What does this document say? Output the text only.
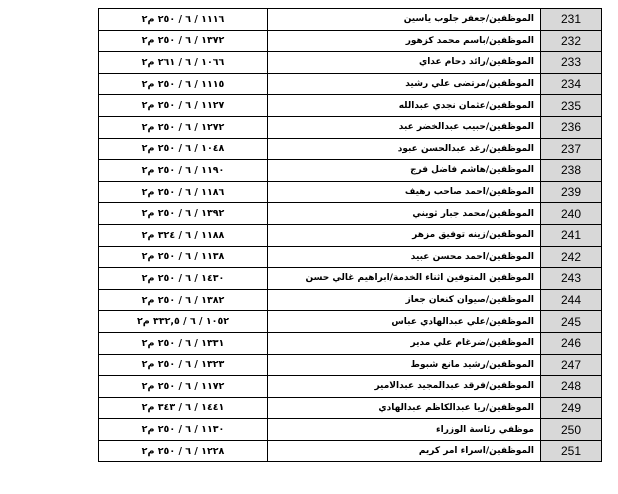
231	الموظفين/جعفر جلوب ياسين	١١١٦ / ٦ / ٢٥٠ م٢
232	الموظفين/باسم محمد كزهور	١٣٧٢ / ٦ / ٢٥٠ م٢
233	الموظفين/رائد دحام عداي	١٠٦٦ / ٦ / ٢٦١ م٢
234	الموظفين/مرتضى علي رشيد	١١١٥ / ٦ / ٢٥٠ م٢
235	الموظفين/عثمان نجدي عبدالله	١١٢٧ / ٦ / ٢٥٠ م٢
236	الموظفين/حبيب عبدالخضر عبد	١٢٧٢ / ٦ / ٢٥٠ م٢
237	الموظفين/رغد عبدالحسن عبود	١٠٤٨ / ٦ / ٢٥٠ م٢
238	الموظفين/هاشم فاضل فرج	١١٩٠ / ٦ / ٢٥٠ م٢
239	الموظفين/احمد صاحب رهيف	١١٨٦ / ٦ / ٢٥٠ م٢
240	الموظفين/محمد جبار ثويني	١٣٩٢ / ٦ / ٢٥٠ م٢
241	الموظفين/زينه توفيق مزهر	١١٨٨ / ٦ / ٣٢٤ م٢
242	الموظفين/احمد محسن عبيد	١١٣٨ / ٦ / ٢٥٠ م٢
243	الموظفين المتوفين اثناء الخدمة/ابراهيم غالي حسن	١٤٣٠ / ٦ / ٢٥٠ م٢
244	الموظفين/صيوان كنعان جعاز	١٣٨٢ / ٦ / ٢٥٠ م٢
245	الموظفين/علي عبدالهادي عباس	١٠٥٢ / ٦ / ٣٣٢,٥ م٢
246	الموظفين/ضرغام علي مدير	١٣٣١ / ٦ / ٢٥٠ م٢
247	الموظفين/رشيد مانع شبوط	١٣٢٣ / ٦ / ٢٥٠ م٢
248	الموظفين/فرقد عبدالمجيد عبدالامير	١١٧٢ / ٦ / ٢٥٠ م٢
249	الموظفين/ريا عبدالكاظم عبدالهادي	١٤٤١ / ٦ / ٣٤٣ م٢
250	موظفي رئاسة الوزراء	١١٣٠ / ٦ / ٢٥٠ م٢
251	الموظفين/اسراء امر كريم	١٢٢٨ / ٦ / ٢٥٠ م٢
